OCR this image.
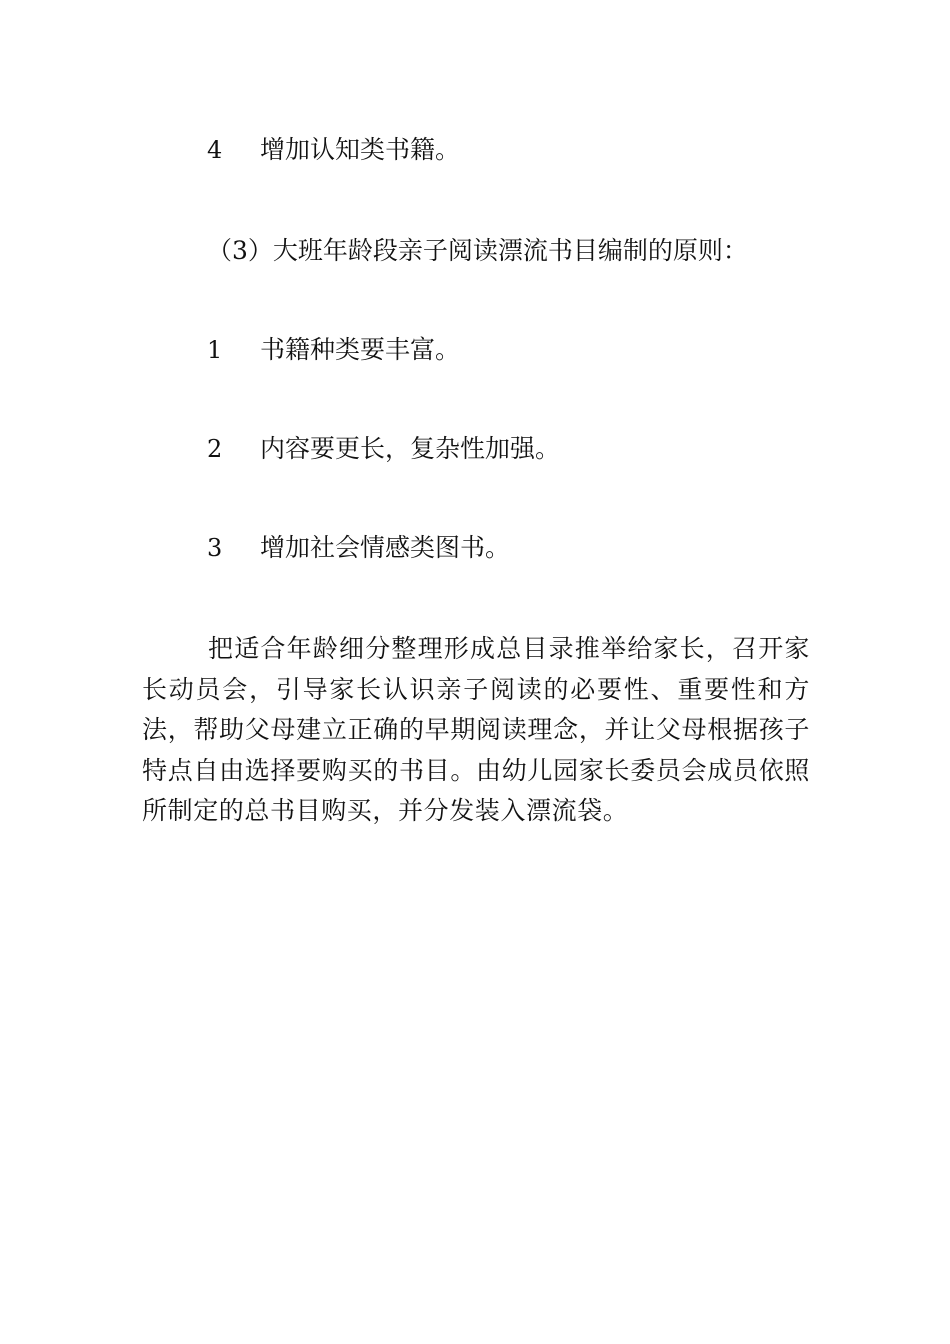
4 增加认知类书籍。
（3）大班年龄段亲子阅读漂流书目编制的原则：
1 书籍种类要丰富。
2 内容要更长，复杂性加强。
3 增加社会情感类图书。

把适合年龄细分整理形成总目录推举给家长，召开家长动员会，引导家长认识亲子阅读的必要性、重要性和方法，帮助父母建立正确的早期阅读理念，并让父母根据孩子特点自由选择要购买的书目。由幼儿园家长委员会成员依照所制定的总书目购买，并分发装入漂流袋。
